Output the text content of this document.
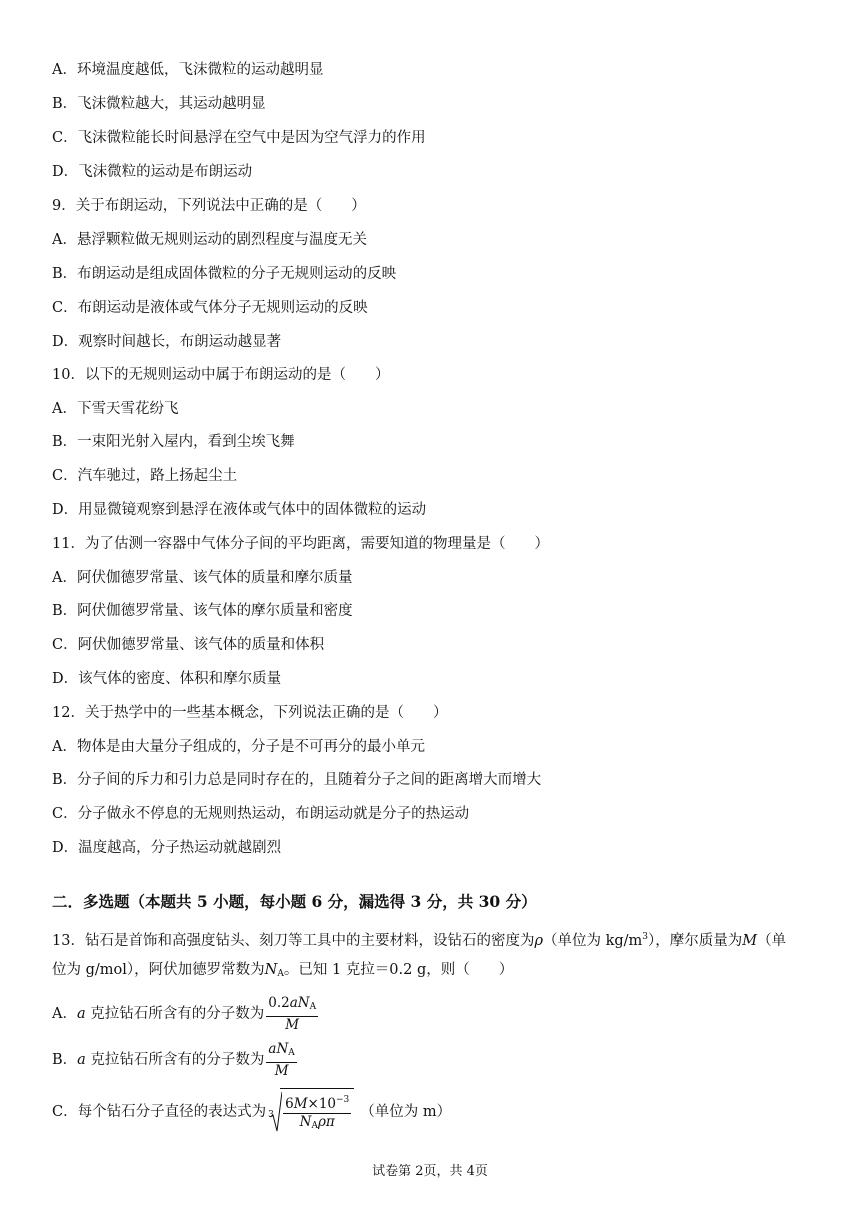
A．环境温度越低，飞沫微粒的运动越明显
B．飞沫微粒越大，其运动越明显
C．飞沫微粒能长时间悬浮在空气中是因为空气浮力的作用
D．飞沫微粒的运动是布朗运动
9．关于布朗运动，下列说法中正确的是（　　）
A．悬浮颗粒做无规则运动的剧烈程度与温度无关
B．布朗运动是组成固体微粒的分子无规则运动的反映
C．布朗运动是液体或气体分子无规则运动的反映
D．观察时间越长，布朗运动越显著
10．以下的无规则运动中属于布朗运动的是（　　）
A．下雪天雪花纷飞
B．一束阳光射入屋内，看到尘埃飞舞
C．汽车驰过，路上扬起尘土
D．用显微镜观察到悬浮在液体或气体中的固体微粒的运动
11．为了估测一容器中气体分子间的平均距离，需要知道的物理量是（　　）
A．阿伏伽德罗常量、该气体的质量和摩尔质量
B．阿伏伽德罗常量、该气体的摩尔质量和密度
C．阿伏伽德罗常量、该气体的质量和体积
D．该气体的密度、体积和摩尔质量
12．关于热学中的一些基本概念，下列说法正确的是（　　）
A．物体是由大量分子组成的，分子是不可再分的最小单元
B．分子间的斥力和引力总是同时存在的，且随着分子之间的距离增大而增大
C．分子做永不停息的无规则热运动，布朗运动就是分子的热运动
D．温度越高，分子热运动就越剧烈
二．多选题（本题共 5 小题，每小题 6 分，漏选得 3 分，共 30 分）
13．钻石是首饰和高强度钻头、刻刀等工具中的主要材料，设钻石的密度为ρ（单位为 $kg/m^3$），摩尔质量为M（单
位为 g/mol），阿伏加德罗常数为$N_A$。已知 1 克拉＝0.2 g，则（　　）
A．a 克拉钻石所含有的分子数为 $\frac{0.2aN_A}{M}$
B．a 克拉钻石所含有的分子数为 $\frac{aN_A}{M}$
C．每个钻石分子直径的表达式为 $3 \frac{6M\times 10^{-3}}{N_A\rho\pi}$ （单位为 m）
试卷第 2页，共 4页
